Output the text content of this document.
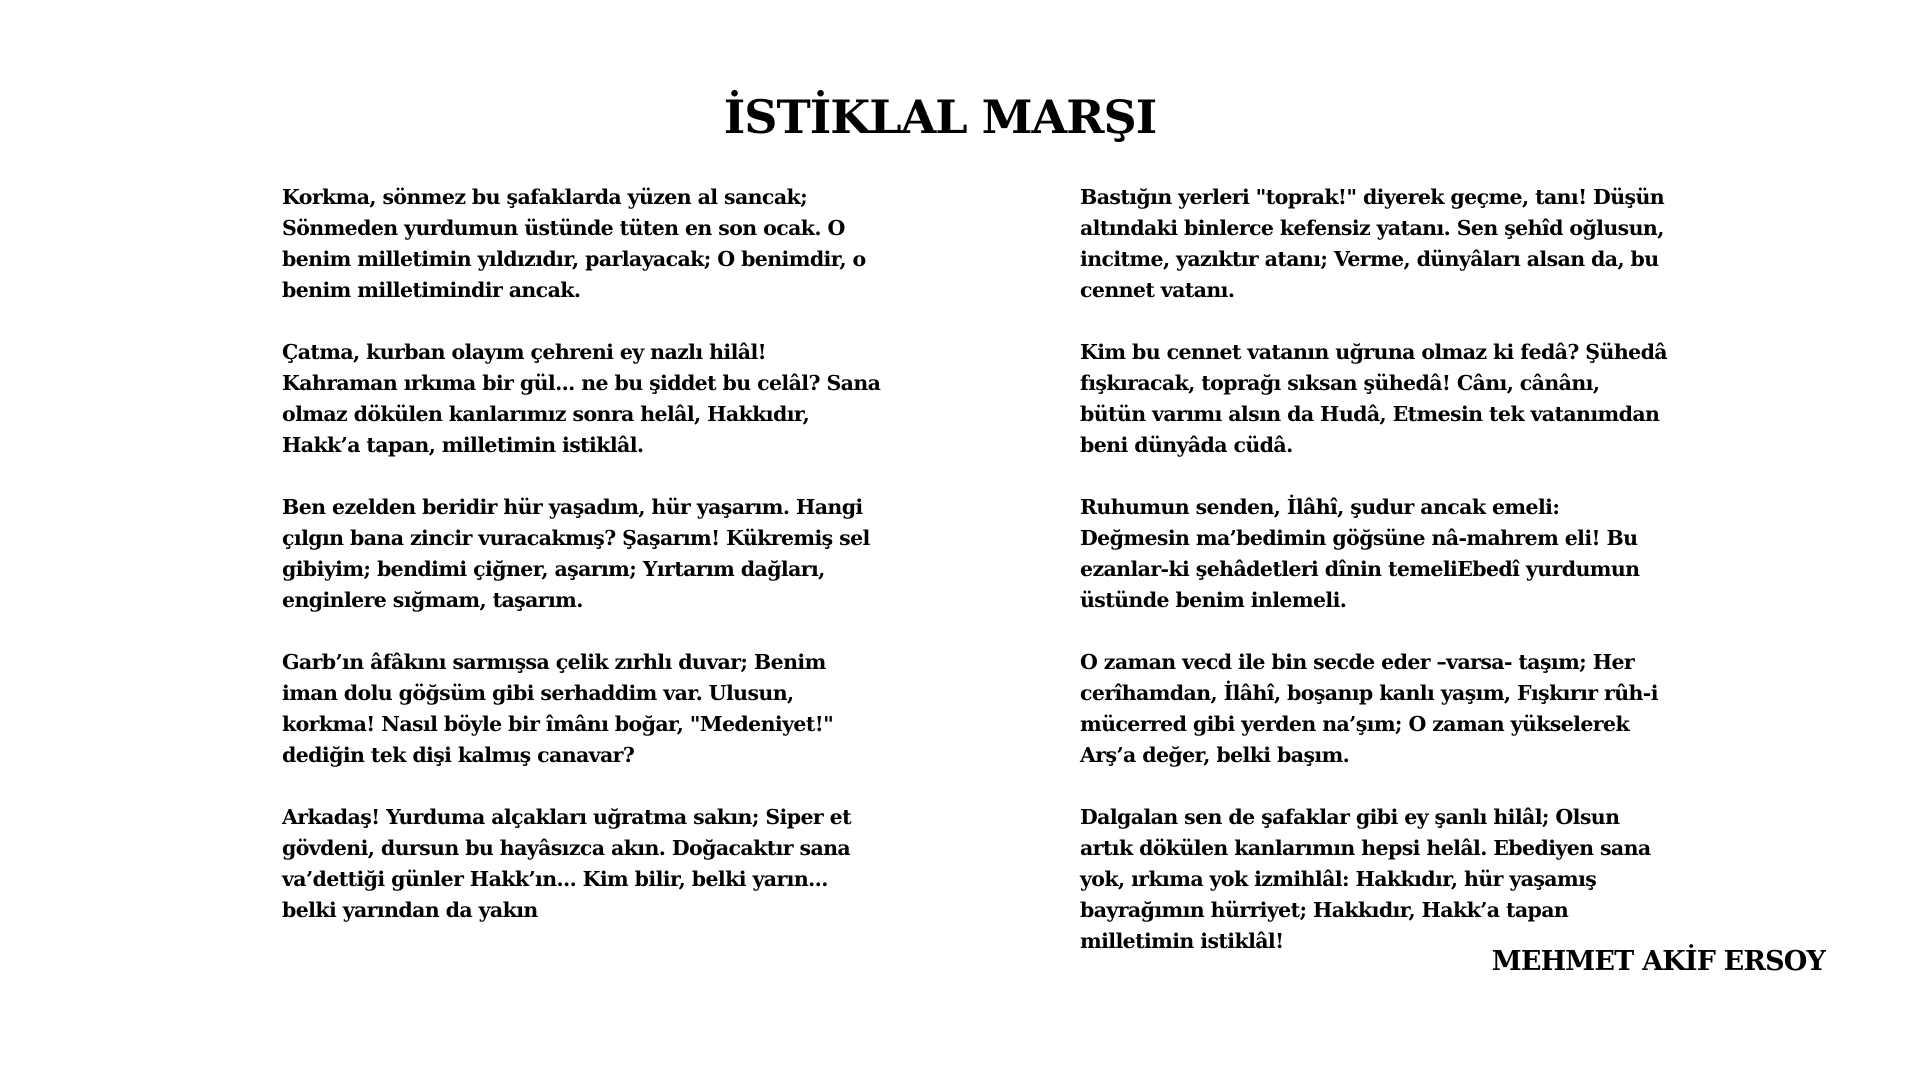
İSTİKLAL MARŞI

Korkma, sönmez bu şafaklarda yüzen al sancak; Sönmeden yurdumun üstünde tüten en son ocak. O benim milletimin yıldızıdır, parlayacak; O benimdir, o benim milletimindir ancak.

Çatma, kurban olayım çehreni ey nazlı hilâl! Kahraman ırkıma bir gül... ne bu şiddet bu celâl? Sana olmaz dökülen kanlarımız sonra helâl, Hakkıdır, Hakk’a tapan, milletimin istiklâl.

Ben ezelden beridir hür yaşadım, hür yaşarım. Hangi çılgın bana zincir vuracakmış? Şaşarım! Kükremiş sel gibiyim; bendimi çiğner, aşarım; Yırtarım dağları, enginlere sığmam, taşarım.

Garb’ın âfâkını sarmışsa çelik zırhlı duvar; Benim iman dolu göğsüm gibi serhaddim var. Ulusun, korkma! Nasıl böyle bir îmânı boğar, "Medeniyet!" dediğin tek dişi kalmış canavar?

Arkadaş! Yurduma alçakları uğratma sakın; Siper et gövdeni, dursun bu hayâsızca akın. Doğacaktır sana va’dettiği günler Hakk’ın... Kim bilir, belki yarın... belki yarından da yakın

Bastığın yerleri "toprak!" diyerek geçme, tanı! Düşün altındaki binlerce kefensiz yatanı. Sen şehîd oğlusun, incitme, yazıktır atanı; Verme, dünyâları alsan da, bu cennet vatanı.

Kim bu cennet vatanın uğruna olmaz ki fedâ? Şühedâ fışkıracak, toprağı sıksan şühedâ! Cânı, cânânı, bütün varımı alsın da Hudâ, Etmesin tek vatanımdan beni dünyâda cüdâ.

Ruhumun senden, İlâhî, şudur ancak emeli: Değmesin ma’bedimin göğsüne nâ-mahrem eli! Bu ezanlar-ki şehâdetleri dînin temeliEbedî yurdumun üstünde benim inlemeli.

O zaman vecd ile bin secde eder –varsa- taşım; Her cerîhamdan, İlâhî, boşanıp kanlı yaşım, Fışkırır rûh-i mücerred gibi yerden na’şım; O zaman yükselerek Arş’a değer, belki başım.

Dalgalan sen de şafaklar gibi ey şanlı hilâl; Olsun artık dökülen kanlarımın hepsi helâl. Ebediyen sana yok, ırkıma yok izmihlâl: Hakkıdır, hür yaşamış bayrağımın hürriyet; Hakkıdır, Hakk’a tapan milletimin istiklâl!

MEHMET AKİF ERSOY
